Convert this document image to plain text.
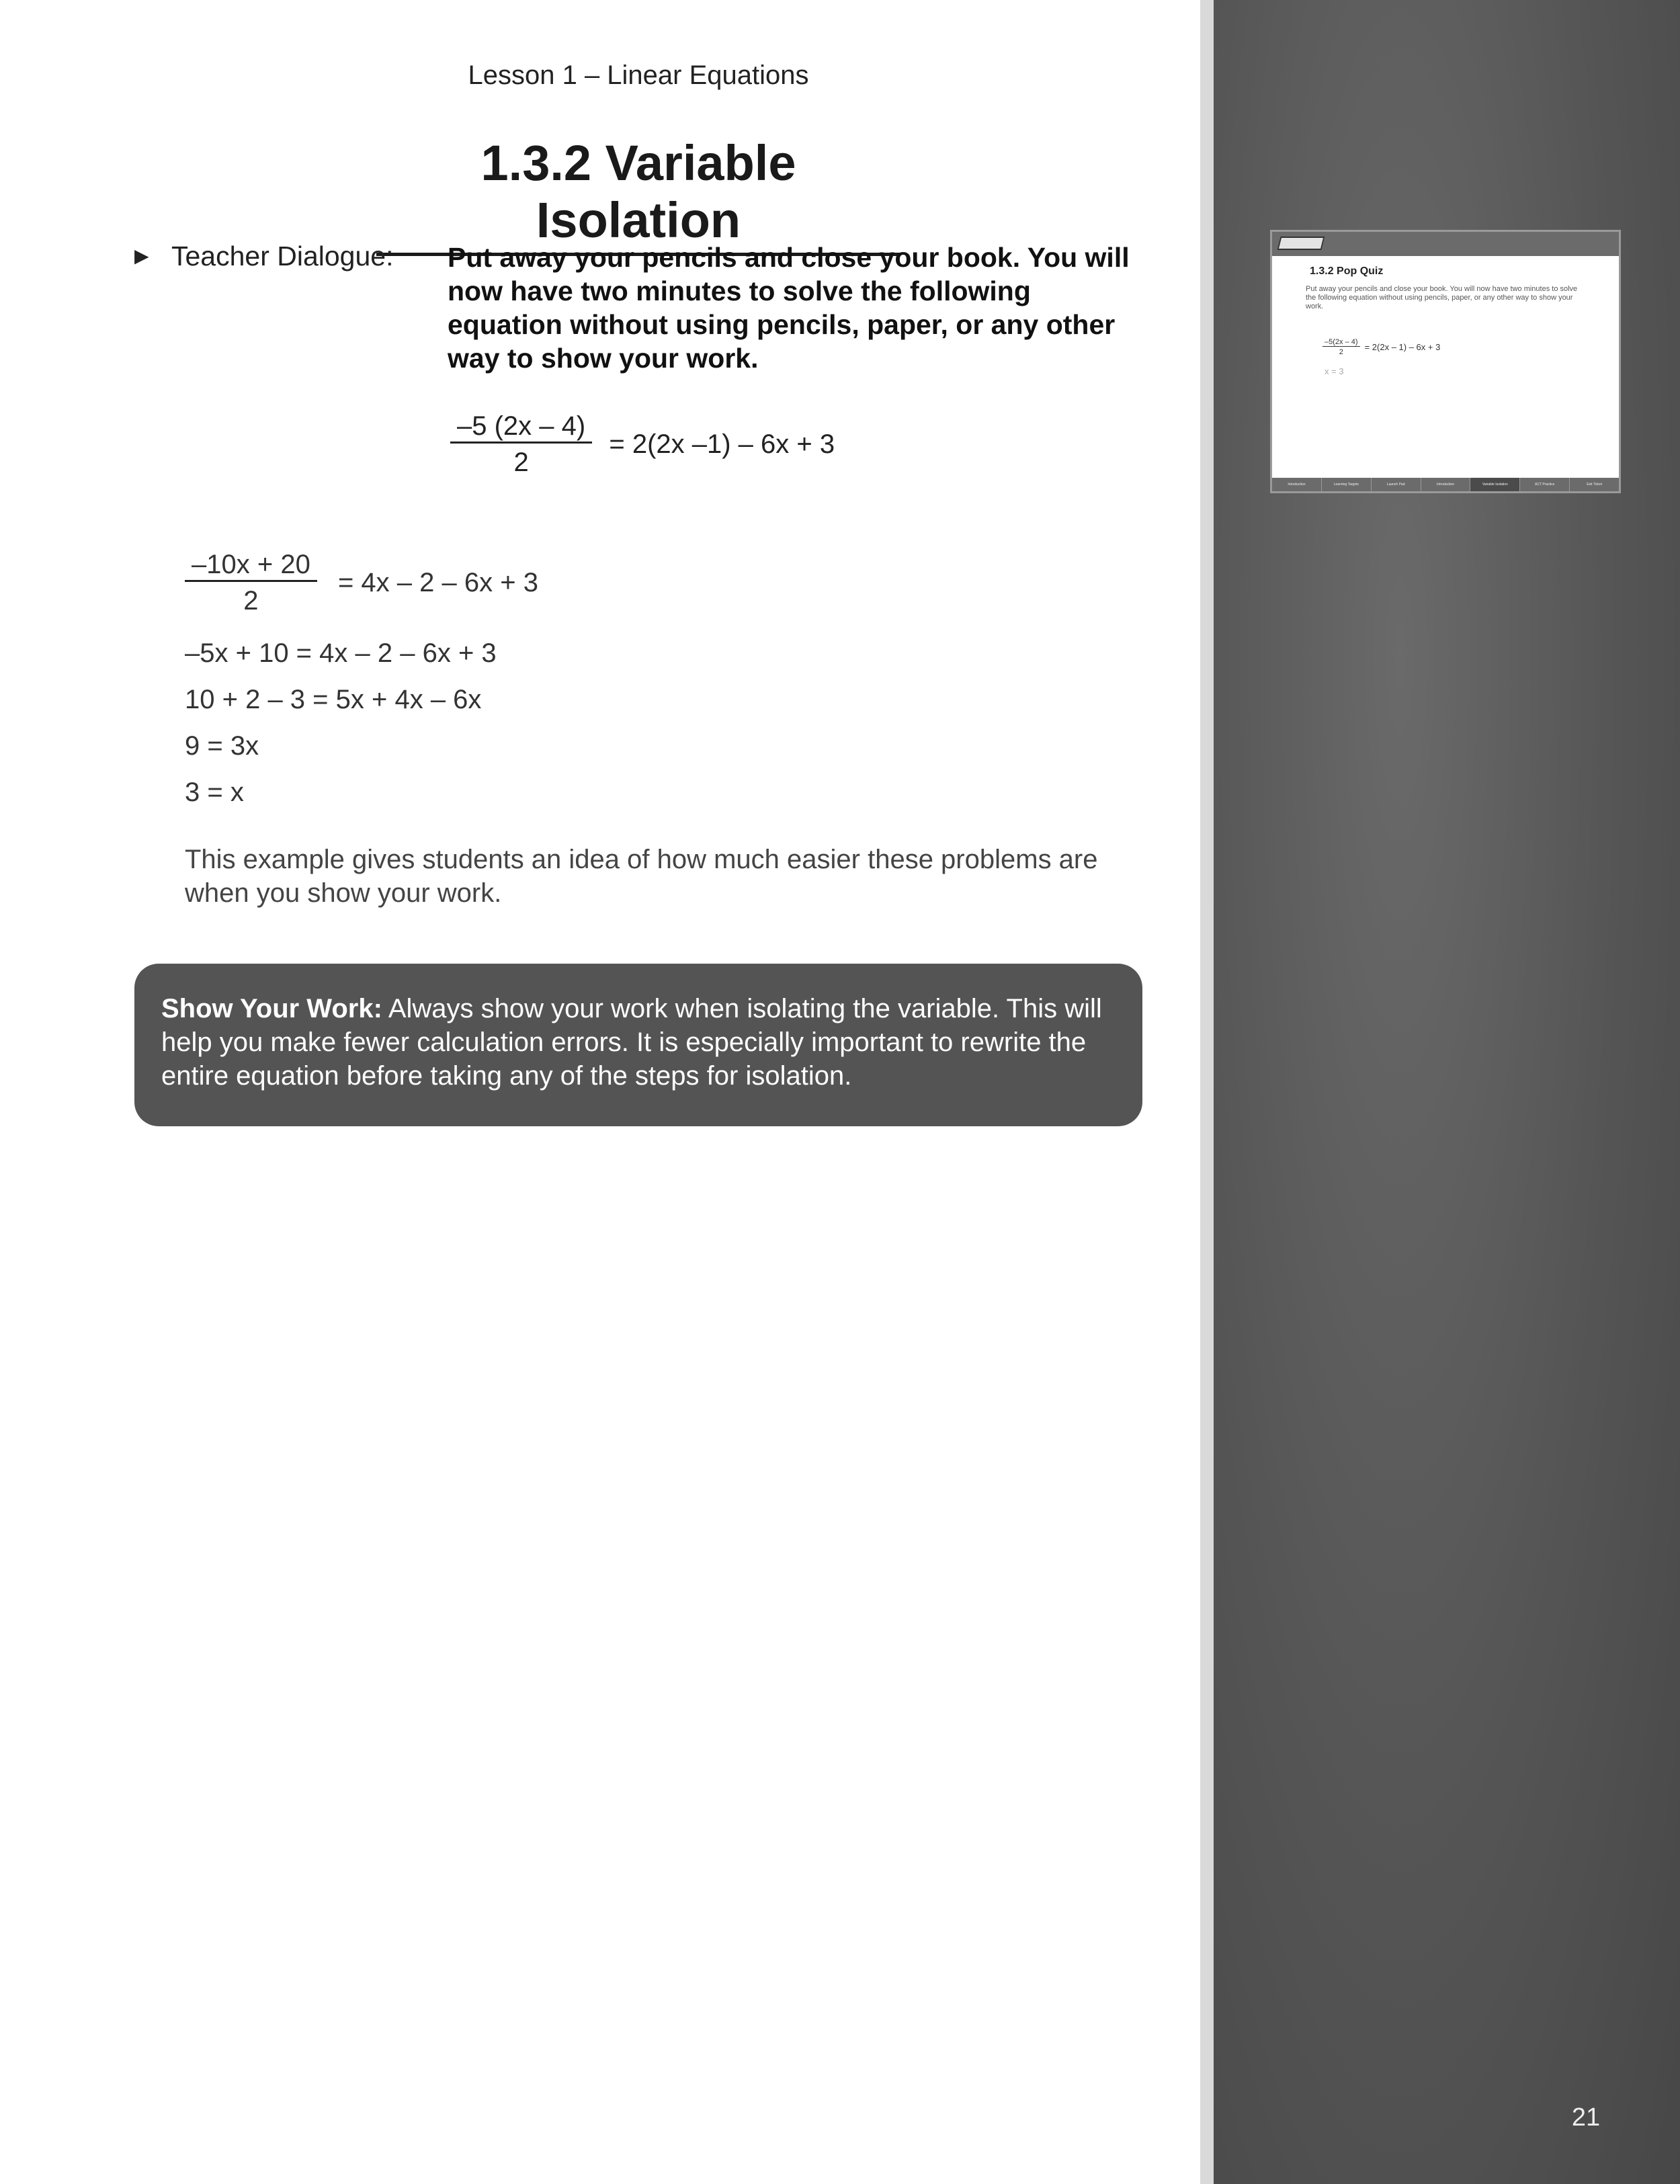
Lesson 1 – Linear Equations
1.3.2 Variable Isolation
▶ Teacher Dialogue: Put away your pencils and close your book. You will now have two minutes to solve the following equation without using pencils, paper, or any other way to show your work.
$\frac{-5 (2x - 4)}{2} = 2(2x$ –1) – 6x + 3
$\frac{-10x + 20}{2} = 4x - 2 - 6x + 3$
–5x + 10 = 4x – 2 – 6x + 3
10 + 2 – 3 = 5x + 4x – 6x
9 = 3x
3 = x
This example gives students an idea of how much easier these problems are when you show your work.
Show Your Work: Always show your work when isolating the variable. This will help you make fewer calculation errors. It is especially important to rewrite the entire equation before taking any of the steps for isolation.
1.3.2 Pop Quiz
Put away your pencils and close your book. You will now have two minutes to solve the following equation without using pencils, paper, or any other way to show your work.
$\frac{-5(2x - 4)}{2} = 2(2x - 1) - 6x + 3$
x = 3
Introduction	Learning Targets	Launch Pad	Introduction	Variable Isolation	ACT Practice	Exit Ticket
21
